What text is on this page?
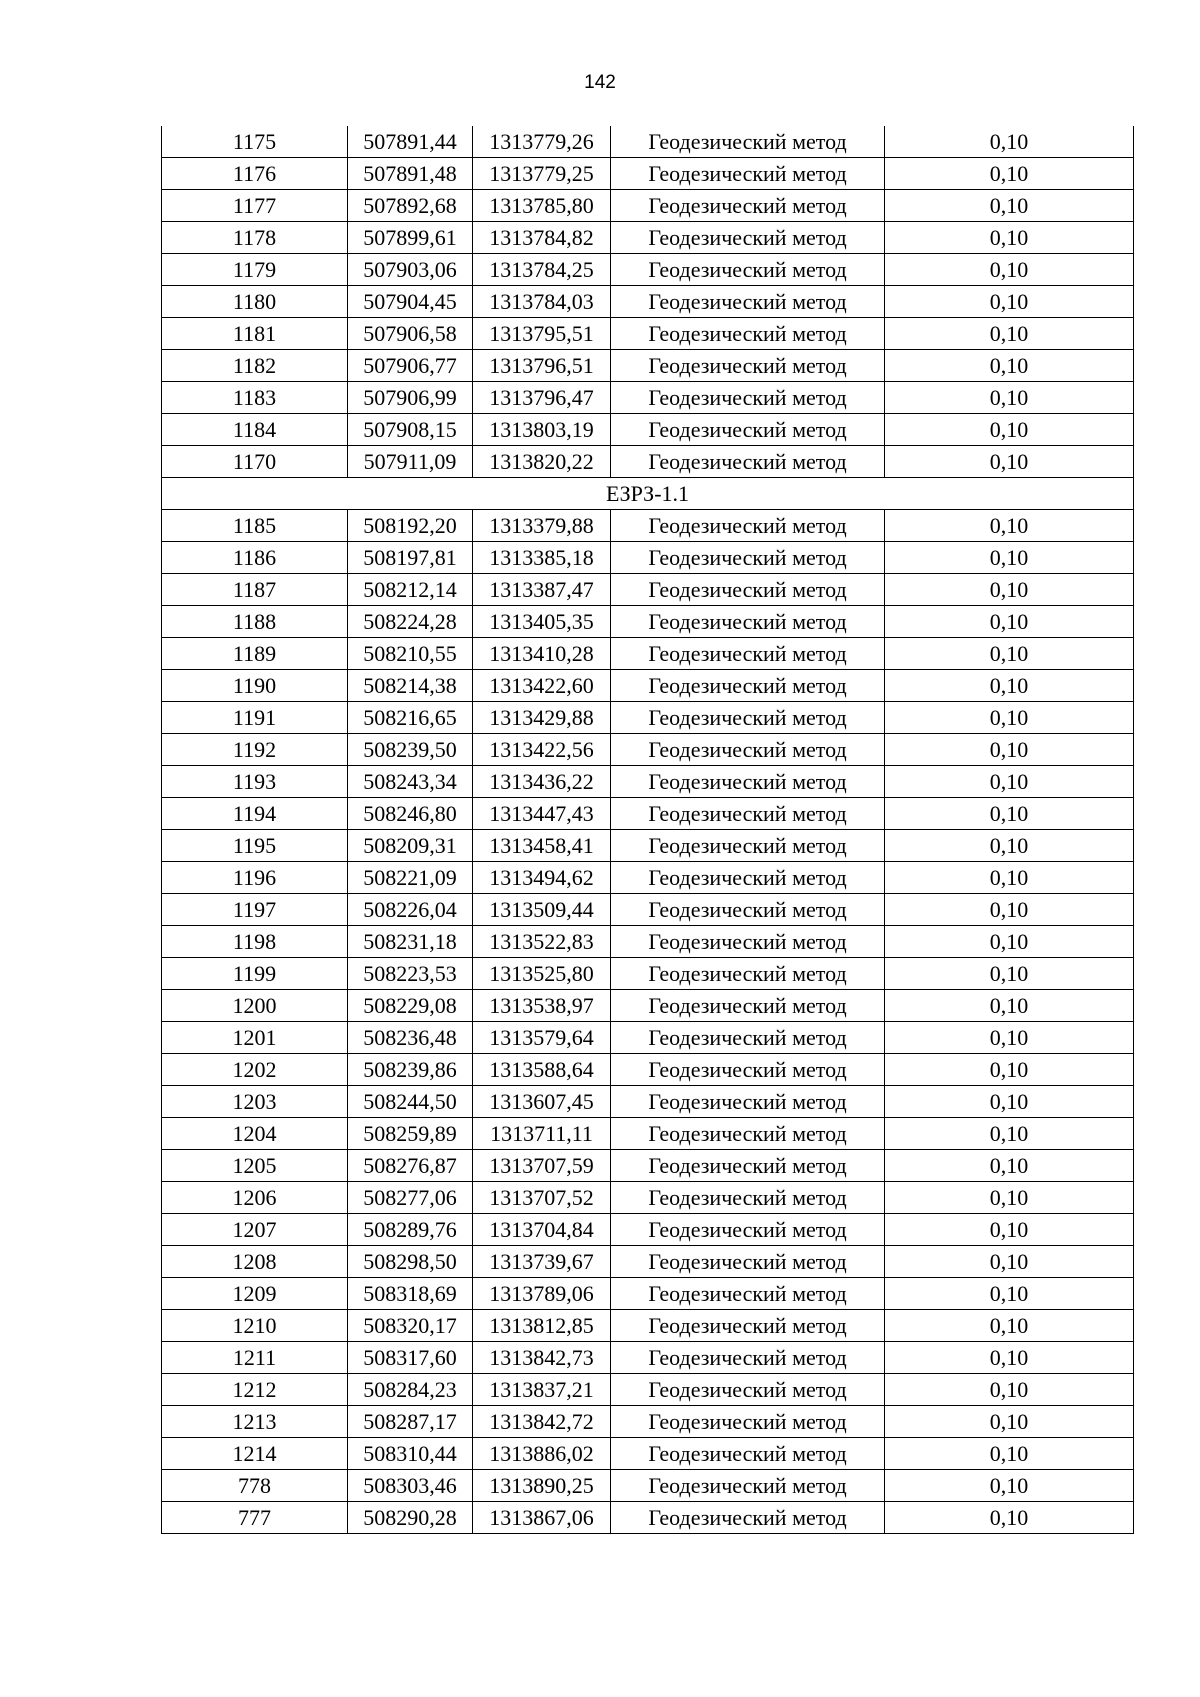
142
1175	507891,44	1313779,26	Геодезический метод	0,10
1176	507891,48	1313779,25	Геодезический метод	0,10
1177	507892,68	1313785,80	Геодезический метод	0,10
1178	507899,61	1313784,82	Геодезический метод	0,10
1179	507903,06	1313784,25	Геодезический метод	0,10
1180	507904,45	1313784,03	Геодезический метод	0,10
1181	507906,58	1313795,51	Геодезический метод	0,10
1182	507906,77	1313796,51	Геодезический метод	0,10
1183	507906,99	1313796,47	Геодезический метод	0,10
1184	507908,15	1313803,19	Геодезический метод	0,10
1170	507911,09	1313820,22	Геодезический метод	0,10
ЕЗРЗ-1.1				
1185	508192,20	1313379,88	Геодезический метод	0,10
1186	508197,81	1313385,18	Геодезический метод	0,10
1187	508212,14	1313387,47	Геодезический метод	0,10
1188	508224,28	1313405,35	Геодезический метод	0,10
1189	508210,55	1313410,28	Геодезический метод	0,10
1190	508214,38	1313422,60	Геодезический метод	0,10
1191	508216,65	1313429,88	Геодезический метод	0,10
1192	508239,50	1313422,56	Геодезический метод	0,10
1193	508243,34	1313436,22	Геодезический метод	0,10
1194	508246,80	1313447,43	Геодезический метод	0,10
1195	508209,31	1313458,41	Геодезический метод	0,10
1196	508221,09	1313494,62	Геодезический метод	0,10
1197	508226,04	1313509,44	Геодезический метод	0,10
1198	508231,18	1313522,83	Геодезический метод	0,10
1199	508223,53	1313525,80	Геодезический метод	0,10
1200	508229,08	1313538,97	Геодезический метод	0,10
1201	508236,48	1313579,64	Геодезический метод	0,10
1202	508239,86	1313588,64	Геодезический метод	0,10
1203	508244,50	1313607,45	Геодезический метод	0,10
1204	508259,89	1313711,11	Геодезический метод	0,10
1205	508276,87	1313707,59	Геодезический метод	0,10
1206	508277,06	1313707,52	Геодезический метод	0,10
1207	508289,76	1313704,84	Геодезический метод	0,10
1208	508298,50	1313739,67	Геодезический метод	0,10
1209	508318,69	1313789,06	Геодезический метод	0,10
1210	508320,17	1313812,85	Геодезический метод	0,10
1211	508317,60	1313842,73	Геодезический метод	0,10
1212	508284,23	1313837,21	Геодезический метод	0,10
1213	508287,17	1313842,72	Геодезический метод	0,10
1214	508310,44	1313886,02	Геодезический метод	0,10
778	508303,46	1313890,25	Геодезический метод	0,10
777	508290,28	1313867,06	Геодезический метод	0,10
